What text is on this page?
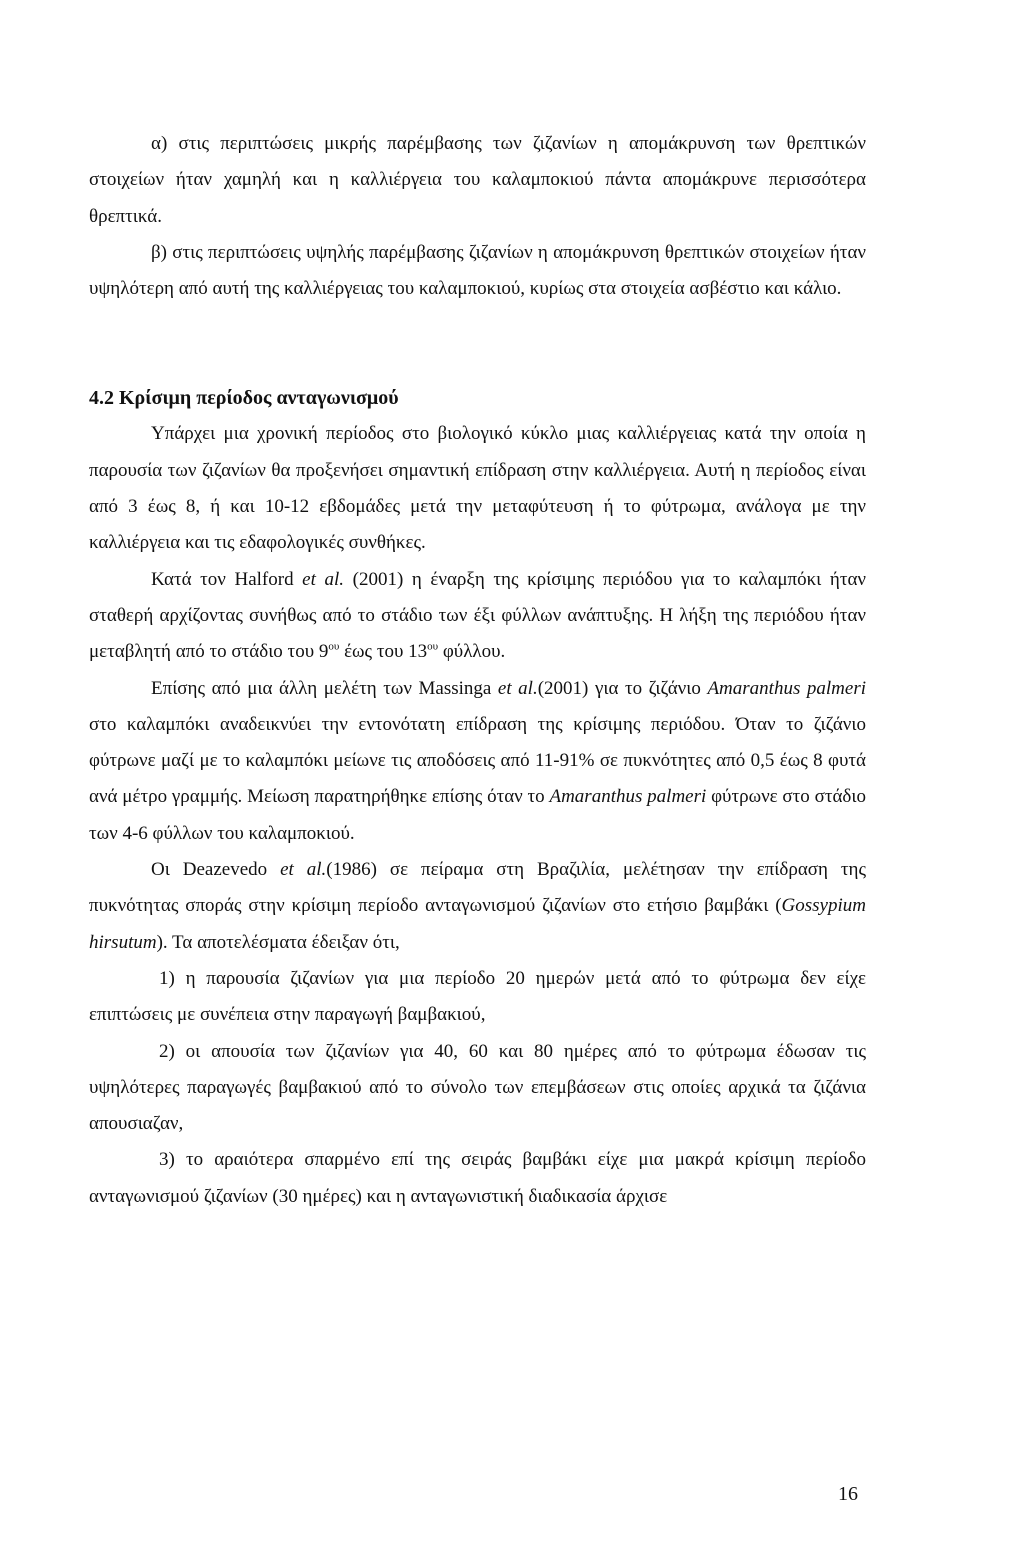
α) στις περιπτώσεις μικρής παρέμβασης των ζιζανίων η απομάκρυνση των θρεπτικών στοιχείων ήταν χαμηλή και η καλλιέργεια του καλαμποκιού πάντα απομάκρυνε περισσότερα θρεπτικά.

β) στις περιπτώσεις υψηλής παρέμβασης ζιζανίων η απομάκρυνση θρεπτικών στοιχείων ήταν υψηλότερη από αυτή της καλλιέργειας του καλαμποκιού, κυρίως στα στοιχεία ασβέστιο και κάλιο.

4.2 Κρίσιμη περίοδος ανταγωνισμού

Υπάρχει μια χρονική περίοδος στο βιολογικό κύκλο μιας καλλιέργειας κατά την οποία η παρουσία των ζιζανίων θα προξενήσει σημαντική επίδραση στην καλλιέργεια. Αυτή η περίοδος είναι από 3 έως 8, ή και 10-12 εβδομάδες μετά την μεταφύτευση ή το φύτρωμα, ανάλογα με την καλλιέργεια και τις εδαφολογικές συνθήκες.

Κατά τον Halford et al. (2001) η έναρξη της κρίσιμης περιόδου για το καλαμπόκι ήταν σταθερή αρχίζοντας συνήθως από το στάδιο των έξι φύλλων ανάπτυξης. Η λήξη της περιόδου ήταν μεταβλητή από το στάδιο του $9^{o\upsilon}$ έως του $13^{o\upsilon}$ φύλλου.

Επίσης από μια άλλη μελέτη των Massinga et al.(2001) για το ζιζάνιο Amaranthus palmeri στο καλαμπόκι αναδεικνύει την εντονότατη επίδραση της κρίσιμης περιόδου. Όταν το ζιζάνιο φύτρωνε μαζί με το καλαμπόκι μείωνε τις αποδόσεις από 11-91% σε πυκνότητες από 0,5 έως 8 φυτά ανά μέτρο γραμμής. Μείωση παρατηρήθηκε επίσης όταν το Amaranthus palmeri φύτρωνε στο στάδιο των 4-6 φύλλων του καλαμποκιού.

Οι Deazevedo et al.(1986) σε πείραμα στη Βραζιλία, μελέτησαν την επίδραση της πυκνότητας σποράς στην κρίσιμη περίοδο ανταγωνισμού ζιζανίων στο ετήσιο βαμβάκι (Gossypium hirsutum). Τα αποτελέσματα έδειξαν ότι,

1) η παρουσία ζιζανίων για μια περίοδο 20 ημερών μετά από το φύτρωμα δεν είχε επιπτώσεις με συνέπεια στην παραγωγή βαμβακιού,

2) οι απουσία των ζιζανίων για 40, 60 και 80 ημέρες από το φύτρωμα έδωσαν τις υψηλότερες παραγωγές βαμβακιού από το σύνολο των επεμβάσεων στις οποίες αρχικά τα ζιζάνια απουσιαζαν,

3) το αραιότερα σπαρμένο επί της σειράς βαμβάκι είχε μια μακρά κρίσιμη περίοδο ανταγωνισμού ζιζανίων (30 ημέρες) και η ανταγωνιστική διαδικασία άρχισε

16
